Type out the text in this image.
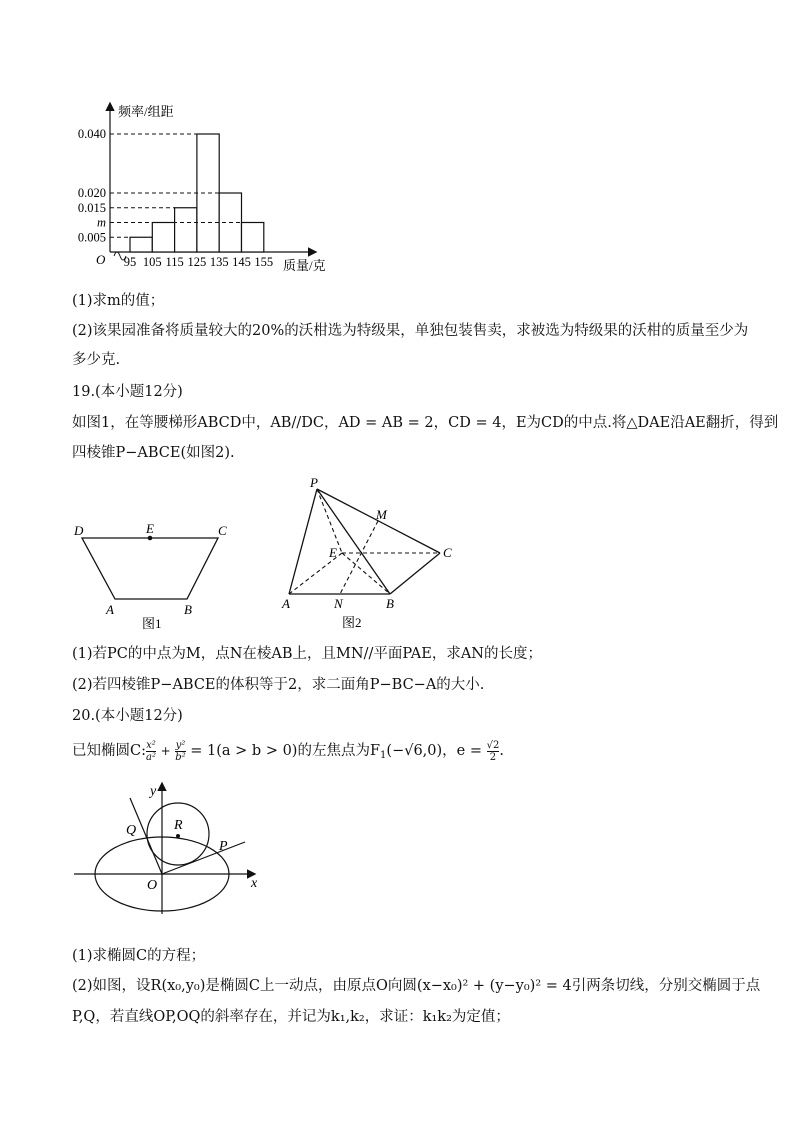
0.040
0.020
0.015
m
0.005
95 105 115 125 135 145 155
O
频率/组距
质量/克
(1)求m的值；
(2)该果园准备将质量较大的20%的沃柑选为特级果，单独包装售卖，求被选为特级果的沃柑的质量至少为
多少克.
19.(本小题12分)
如图1，在等腰梯形ABCD中，AB//DC，AD = AB = 2，CD = 4，E为CD的中点.将△DAE沿AE翻折，得到
四棱锥P−ABCE(如图2).
D	E	C
A	B
图1
P
M
E	C
A	N	B
图2
(1)若PC的中点为M，点N在棱AB上，且MN//平面PAE，求AN的长度；
(2)若四棱锥P−ABCE的体积等于2，求二面角P−BC−A的大小.
20.(本小题12分)
已知椭圆C: $\frac{\text{x²}}{\text{a²}} + \frac{\text{y²}}{\text{b²}} = 1(a > b > 0)$的左焦点为$F_1(-√6,0)$，$e = \frac{√2}{2}$ .
y
x
O
Q	R
P
(1)求椭圆C的方程；
(2)如图，设R(x₀,y₀)是椭圆C上一动点，由原点O向圆(x−x₀)² + (y−y₀)² = 4引两条切线，分别交椭圆于点
P,Q，若直线OP,OQ的斜率存在，并记为k₁,k₂，求证：k₁k₂为定值；
